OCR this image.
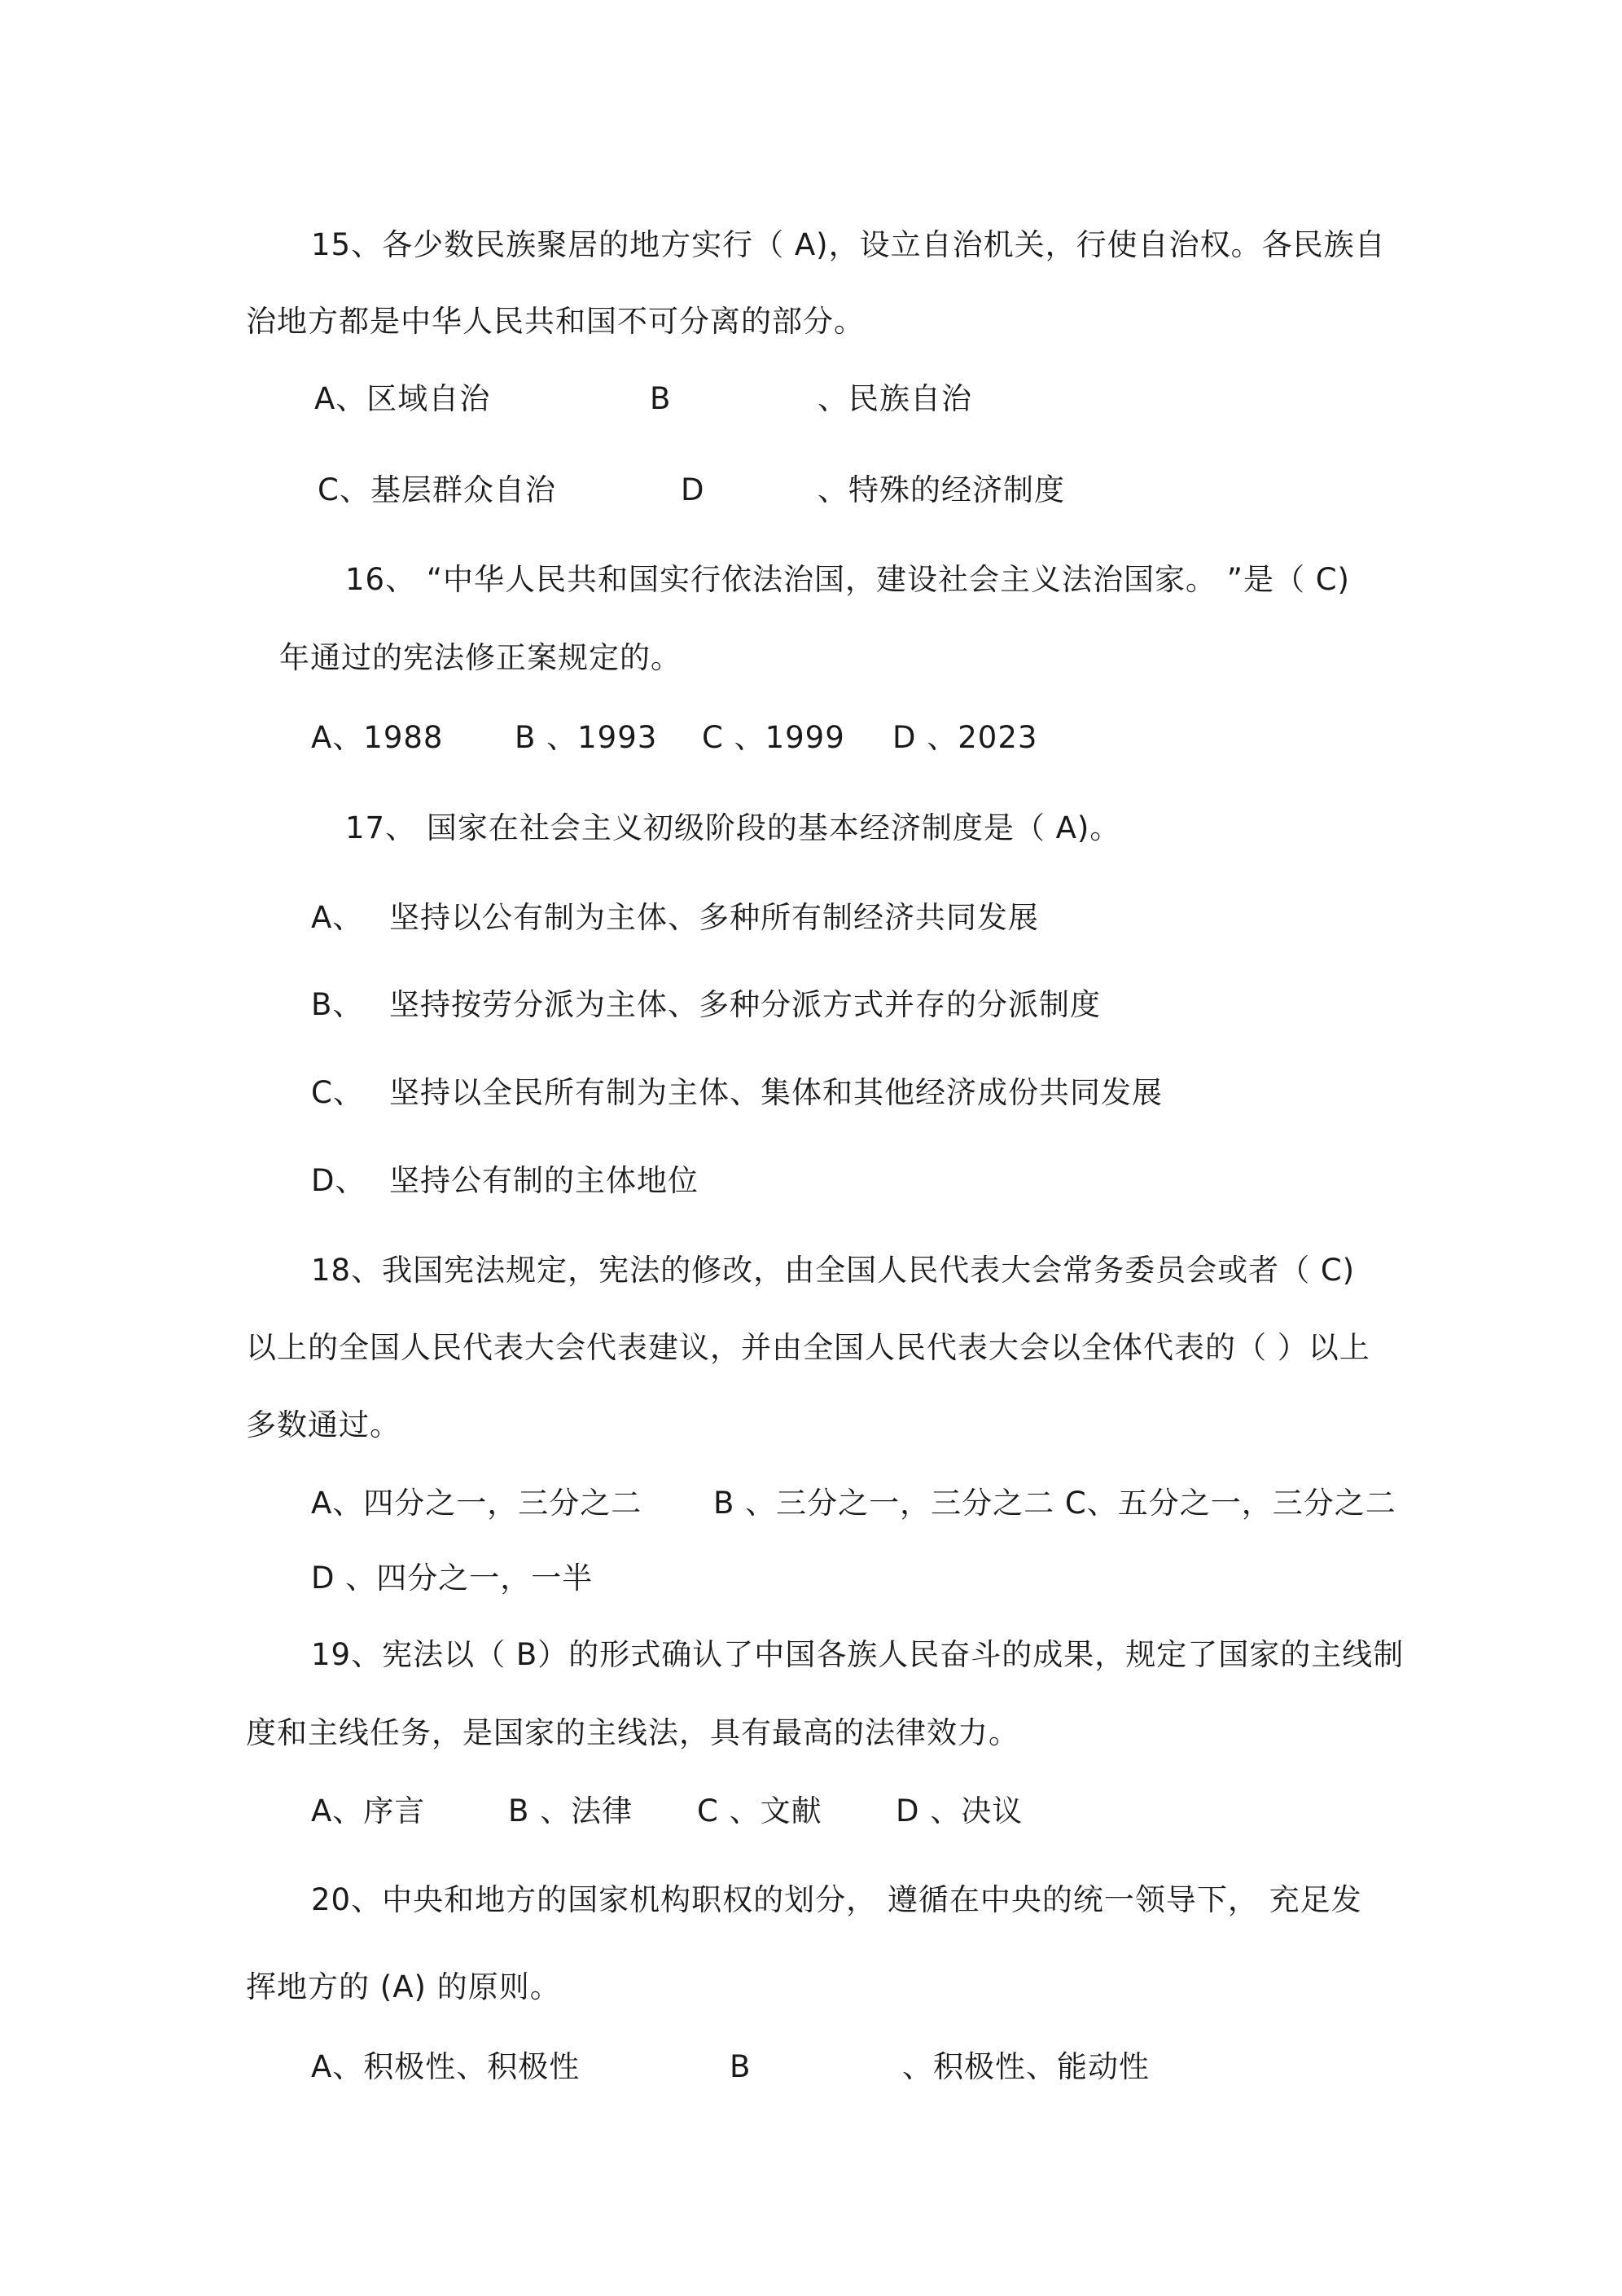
15、各少数民族聚居的地方实行（ A)，设立自治机关，行使自治权。各民族自
治地方都是中华人民共和国不可分离的部分。
A、区域自治	B	、民族自治
C、基层群众自治	D	、特殊的经济制度
16、 “中华人民共和国实行依法治国，建设社会主义法治国家。 ”是（ C)
年通过的宪法修正案规定的。
A、1988 B 、1993 C 、1999 D 、2023
17、 国家在社会主义初级阶段的基本经济制度是（ A)。
A、 坚持以公有制为主体、多种所有制经济共同发展
B、 坚持按劳分派为主体、多种分派方式并存的分派制度
C、 坚持以全民所有制为主体、集体和其他经济成份共同发展
D、 坚持公有制的主体地位
18、我国宪法规定，宪法的修改，由全国人民代表大会常务委员会或者（ C)
以上的全国人民代表大会代表建议，并由全国人民代表大会以全体代表的（ ）以上
多数通过。
A、四分之一，三分之二 B 、三分之一，三分之二 C、五分之一，三分之二
D 、四分之一，一半
19、宪法以（ B）的形式确认了中国各族人民奋斗的成果，规定了国家的主线制
度和主线任务，是国家的主线法，具有最高的法律效力。
A、序言	B 、法律 C 、文献 D 、决议
20、中央和地方的国家机构职权的划分， 遵循在中央的统一领导下， 充足发
挥地方的 (A) 的原则。
A、积极性、积极性	B	、积极性、能动性
